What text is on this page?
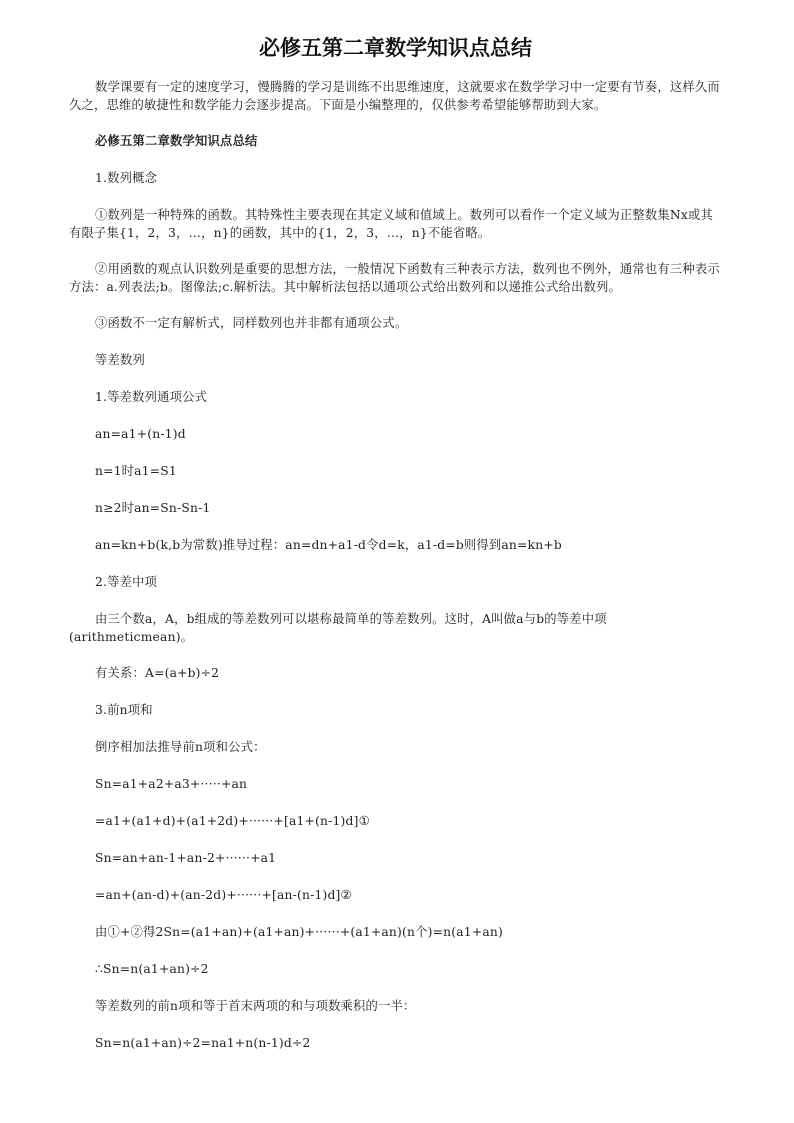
必修五第二章数学知识点总结

数学课要有一定的速度学习，慢腾腾的学习是训练不出思维速度，这就要求在数学学习中一定要有节奏，这样久而久之，思维的敏捷性和数学能力会逐步提高。下面是小编整理的，仅供参考希望能够帮助到大家。

必修五第二章数学知识点总结

1.数列概念

①数列是一种特殊的函数。其特殊性主要表现在其定义域和值域上。数列可以看作一个定义域为正整数集Nx或其有限子集{1，2，3，…，n}的函数，其中的{1，2，3，…，n}不能省略。

②用函数的观点认识数列是重要的思想方法，一般情况下函数有三种表示方法，数列也不例外，通常也有三种表示方法：a.列表法;b。图像法;c.解析法。其中解析法包括以通项公式给出数列和以递推公式给出数列。

③函数不一定有解析式，同样数列也并非都有通项公式。

等差数列

1.等差数列通项公式

an=a1+(n-1)d

n=1时a1=S1

n≥2时an=Sn-Sn-1

an=kn+b(k,b为常数)推导过程：an=dn+a1-d令d=k，a1-d=b则得到an=kn+b

2.等差中项

由三个数a，A，b组成的等差数列可以堪称最简单的等差数列。这时，A叫做a与b的等差中项(arithmeticmean)。

有关系：A=(a+b)÷2

3.前n项和

倒序相加法推导前n项和公式：

Sn=a1+a2+a3+·····+an

=a1+(a1+d)+(a1+2d)+······+[a1+(n-1)d]①

Sn=an+an-1+an-2+······+a1

=an+(an-d)+(an-2d)+······+[an-(n-1)d]②

由①+②得2Sn=(a1+an)+(a1+an)+······+(a1+an)(n个)=n(a1+an)

∴Sn=n(a1+an)÷2

等差数列的前n项和等于首末两项的和与项数乘积的一半：

Sn=n(a1+an)÷2=na1+n(n-1)d÷2
